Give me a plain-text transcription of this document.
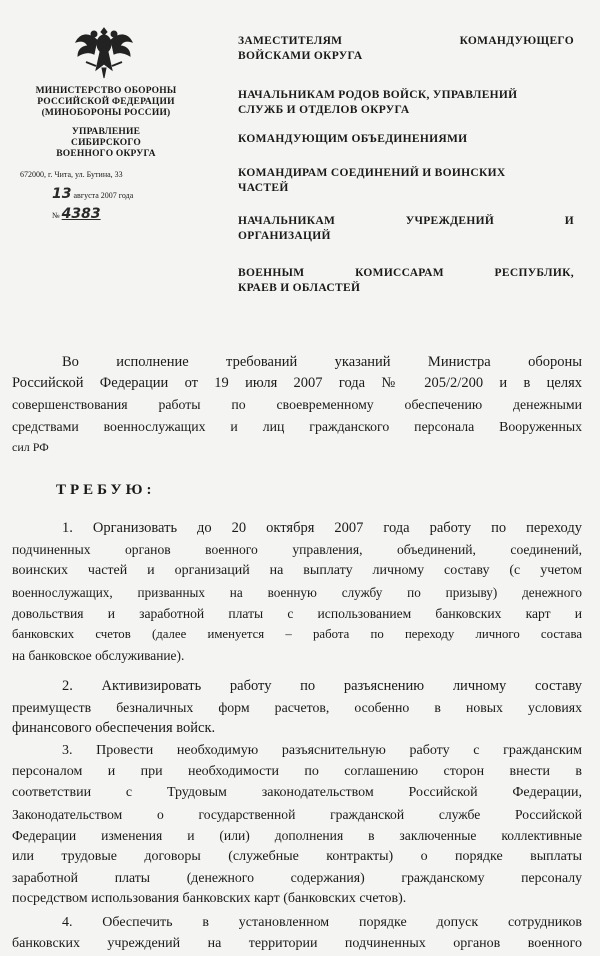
МИНИСТЕРСТВО ОБОРОНЫ
РОССИЙСКОЙ ФЕДЕРАЦИИ
(МИНОБОРОНЫ РОССИИ)
УПРАВЛЕНИЕ
СИБИРСКОГО
ВОЕННОГО ОКРУГА
672000, г. Чита, ул. Бутина, 33
13 августа 2007 года
№ 4383
ЗАМЕСТИТЕЛЯМ	КОМАНДУЮЩЕГО
ВОЙСКАМИ ОКРУГА
НАЧАЛЬНИКАМ РОДОВ ВОЙСК, УПРАВЛЕНИЙ
СЛУЖБ И ОТДЕЛОВ ОКРУГА
КОМАНДУЮЩИМ ОБЪЕДИНЕНИЯМИ
КОМАНДИРАМ СОЕДИНЕНИЙ И ВОИНСКИХ
ЧАСТЕЙ
НАЧАЛЬНИКАМ	УЧРЕЖДЕНИЙ	И
ОРГАНИЗАЦИЙ
ВОЕННЫМ	КОМИССАРАМ	РЕСПУБЛИК,
КРАЕВ И ОБЛАСТЕЙ
Во исполнение требований указаний Министра обороны
Российской Федерации от 19 июля 2007 года № 205/2/200 и в целях
совершенствования работы по своевременному обеспечению денежными
средствами военнослужащих и лиц гражданского персонала Вооруженных
сил РФ
ТРЕБУЮ:
1. Организовать до 20 октября 2007 года работу по переходу
подчиненных органов военного управления, объединений, соединений,
воинских частей и организаций на выплату личному составу (с учетом
военнослужащих, призванных на военную службу по призыву) денежного
довольствия и заработной платы с использованием банковских карт и
банковских счетов (далее именуется – работа по переходу личного состава
на банковское обслуживание).
2. Активизировать работу по разъяснению личному составу
преимуществ безналичных форм расчетов, особенно в новых условиях
финансового обеспечения войск.
3. Провести необходимую разъяснительную работу с гражданским
персоналом и при необходимости по соглашению сторон внести в
соответствии с Трудовым законодательством Российской Федерации,
Законодательством о государственной гражданской службе Российской
Федерации изменения и (или) дополнения в заключенные коллективные
или трудовые договоры (служебные контракты) о порядке выплаты
заработной платы (денежного содержания) гражданскому персоналу
посредством использования банковских карт (банковских счетов).
4. Обеспечить в установленном порядке допуск сотрудников
банковских учреждений на территории подчиненных органов военного
